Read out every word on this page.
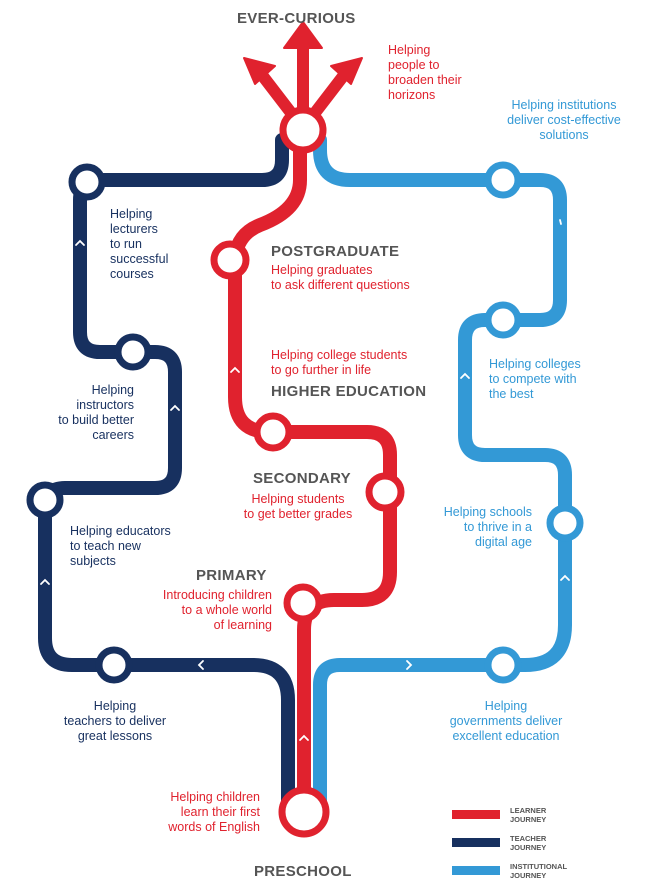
EVER-CURIOUS
POSTGRADUATE
HIGHER EDUCATION
SECONDARY
PRIMARY
PRESCHOOL
Helping
people to
broaden their
horizons
Helping graduates
to ask different questions
Helping college students
to go further in life
Helping students
to get better grades
Introducing children
to a whole world
of learning
Helping children
learn their first
words of English
Helping
lecturers
to run
successful
courses
Helping
instructors
to build better
careers
Helping educators
to teach new
subjects
Helping
teachers to deliver
great lessons
Helping institutions
deliver cost-effective
solutions
Helping colleges
to compete with
the best
Helping schools
to thrive in a
digital age
Helping
governments deliver
excellent education
LEARNER
JOURNEY
TEACHER
JOURNEY
INSTITUTIONAL
JOURNEY
